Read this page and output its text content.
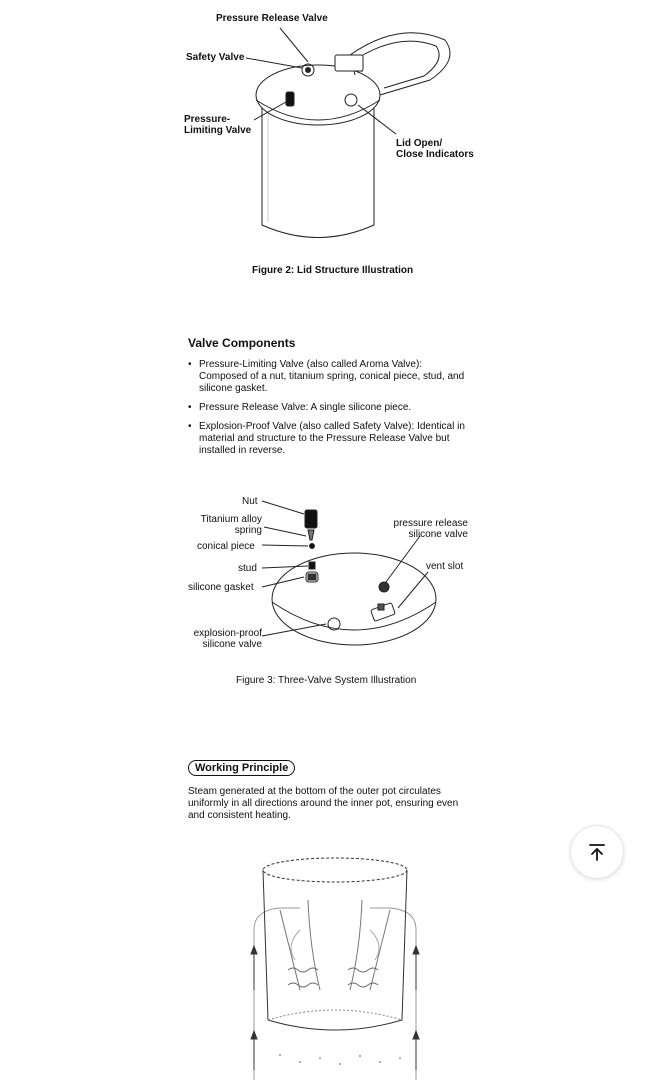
Pressure Release Valve
Safety Valve
Pressure-
Limiting Valve
Lid Open/
Close Indicators
Figure 2: Lid Structure Illustration
Valve Components
• Pressure-Limiting Valve (also called Aroma Valve): Composed of a nut, titanium spring, conical piece, stud, and silicone gasket.
• Pressure Release Valve: A single silicone piece.
• Explosion-Proof Valve (also called Safety Valve): Identical in material and structure to the Pressure Release Valve but installed in reverse.
Nut
Titanium alloy
spring
conical piece
stud
silicone gasket
explosion-proof
silicone valve
pressure release
silicone valve
vent slot
Figure 3: Three-Valve System Illustration
Working Principle
Steam generated at the bottom of the outer pot circulates uniformly in all directions around the inner pot, ensuring even and consistent heating.
